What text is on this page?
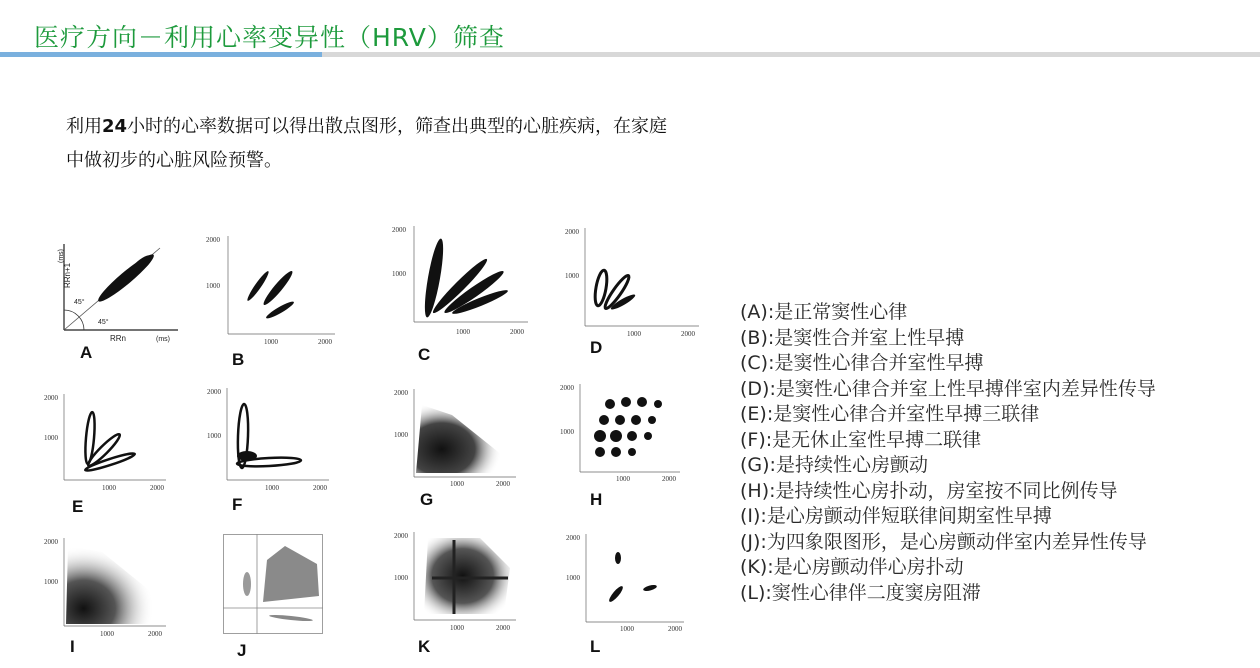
医疗方向－利用心率变异性（HRV）筛查
利用24小时的心率数据可以得出散点图形，筛查出典型的心脏疾病，在家庭
中做初步的心脏风险预警。
RRn+1
(ms)
45°
45°
RRn	(ms)
A
2000
1000
1000	2000
B
2000
1000
1000	2000
C
2000
1000
1000	2000
D
2000
1000
1000	2000
E
2000
1000
1000	2000
F
2000
1000
1000	2000
G
2000
1000
1000	2000
H
2000
1000
1000	2000
I	J
2000
1000
1000	2000
K
2000
1000
1000	2000
L
(A):是正常窦性心律
(B):是窦性合并室上性早搏
(C):是窦性心律合并室性早搏
(D):是窦性心律合并室上性早搏伴室内差异性传导
(E):是窦性心律合并室性早搏三联律
(F):是无休止室性早搏二联律
(G):是持续性心房颤动
(H):是持续性心房扑动，房室按不同比例传导
(I):是心房颤动伴短联律间期室性早搏
(J):为四象限图形，是心房颤动伴室内差异性传导
(K):是心房颤动伴心房扑动
(L):窦性心律伴二度窦房阻滞
